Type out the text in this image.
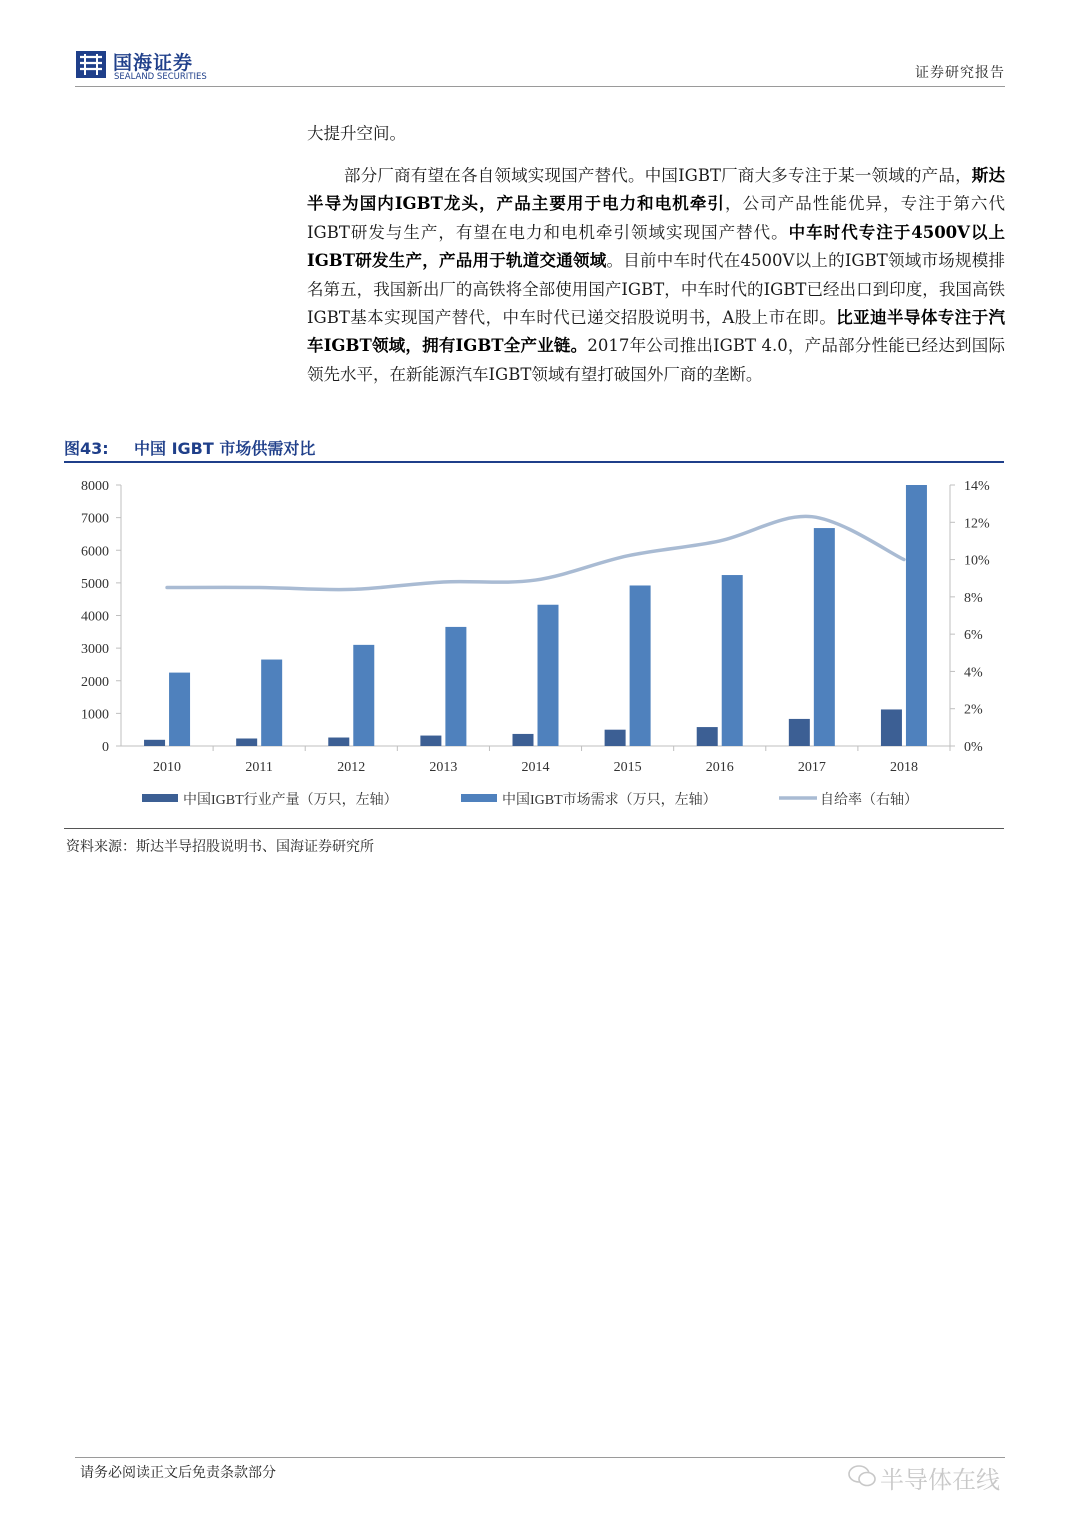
国海证券
SEALAND SECURITIES	证券研究报告
大提升空间。
部分厂商有望在各自领域实现国产替代。中国IGBT厂商大多专注于某一领域的产品，斯达半导为国内IGBT龙头，产品主要用于电力和电机牵引，公司产品性能优异，专注于第六代IGBT研发与生产，有望在电力和电机牵引领域实现国产替代。中车时代专注于4500V以上IGBT研发生产，产品用于轨道交通领域。目前中车时代在4500V以上的IGBT领域市场规模排名第五，我国新出厂的高铁将全部使用国产IGBT，中车时代的IGBT已经出口到印度，我国高铁IGBT基本实现国产替代，中车时代已递交招股说明书，A股上市在即。比亚迪半导体专注于汽车IGBT领域，拥有IGBT全产业链。2017年公司推出IGBT 4.0，产品部分性能已经达到国际领先水平，在新能源汽车IGBT领域有望打破国外厂商的垄断。
图43: 中国 IGBT 市场供需对比
0
1000
2000
3000
4000
5000
6000
7000
8000
0%
2%
4%
6%
8%
10%
12%
14%
2010	2011	2012	2013	2014	2015	2016	2017	2018
中国IGBT行业产量（万只，左轴）	中国IGBT市场需求（万只，左轴）	自给率（右轴）
资料来源：斯达半导招股说明书、国海证券研究所
请务必阅读正文后免责条款部分	半导体在线
